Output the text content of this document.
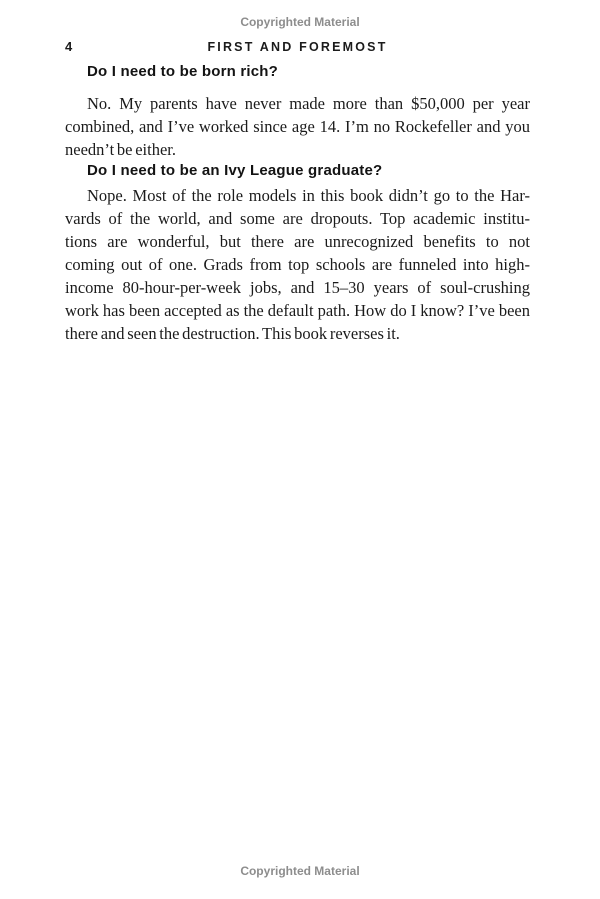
Copyrighted Material
4	FIRST AND FOREMOST
Do I need to be born rich?
No. My parents have never made more than $50,000 per year
combined, and I’ve worked since age 14. I’m no Rockefeller and you
needn’t be either.
Do I need to be an Ivy League graduate?
Nope. Most of the role models in this book didn’t go to the Har-
vards of the world, and some are dropouts. Top academic institu-
tions are wonderful, but there are unrecognized benefits to not
coming out of one. Grads from top schools are funneled into high-
income 80-hour-per-week jobs, and 15–30 years of soul-crushing
work has been accepted as the default path. How do I know? I’ve been
there and seen the destruction. This book reverses it.
Copyrighted Material
